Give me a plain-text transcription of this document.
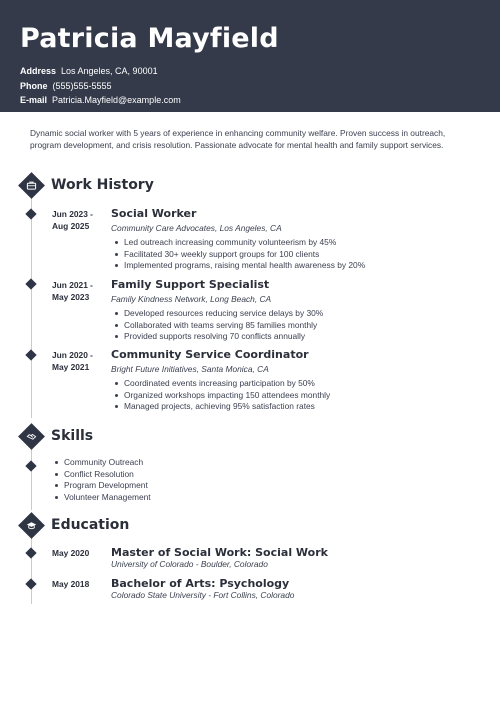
Patricia Mayfield
Address Los Angeles, CA, 90001
Phone (555)555-5555
E-mail Patricia.Mayfield@example.com
Dynamic social worker with 5 years of experience in enhancing community welfare. Proven success in outreach, program development, and crisis resolution. Passionate advocate for mental health and family support services.
Work History
Jun 2023 -
Aug 2025
Social Worker
Community Care Advocates, Los Angeles, CA
Led outreach increasing community volunteerism by 45%
Facilitated 30+ weekly support groups for 100 clients
Implemented programs, raising mental health awareness by 20%
Jun 2021 -
May 2023
Family Support Specialist
Family Kindness Network, Long Beach, CA
Developed resources reducing service delays by 30%
Collaborated with teams serving 85 families monthly
Provided supports resolving 70 conflicts annually
Jun 2020 -
May 2021
Community Service Coordinator
Bright Future Initiatives, Santa Monica, CA
Coordinated events increasing participation by 50%
Organized workshops impacting 150 attendees monthly
Managed projects, achieving 95% satisfaction rates
Skills
Community Outreach
Conflict Resolution
Program Development
Volunteer Management
Education
May 2020 Master of Social Work: Social Work
University of Colorado - Boulder, Colorado
May 2018 Bachelor of Arts: Psychology
Colorado State University - Fort Collins, Colorado
